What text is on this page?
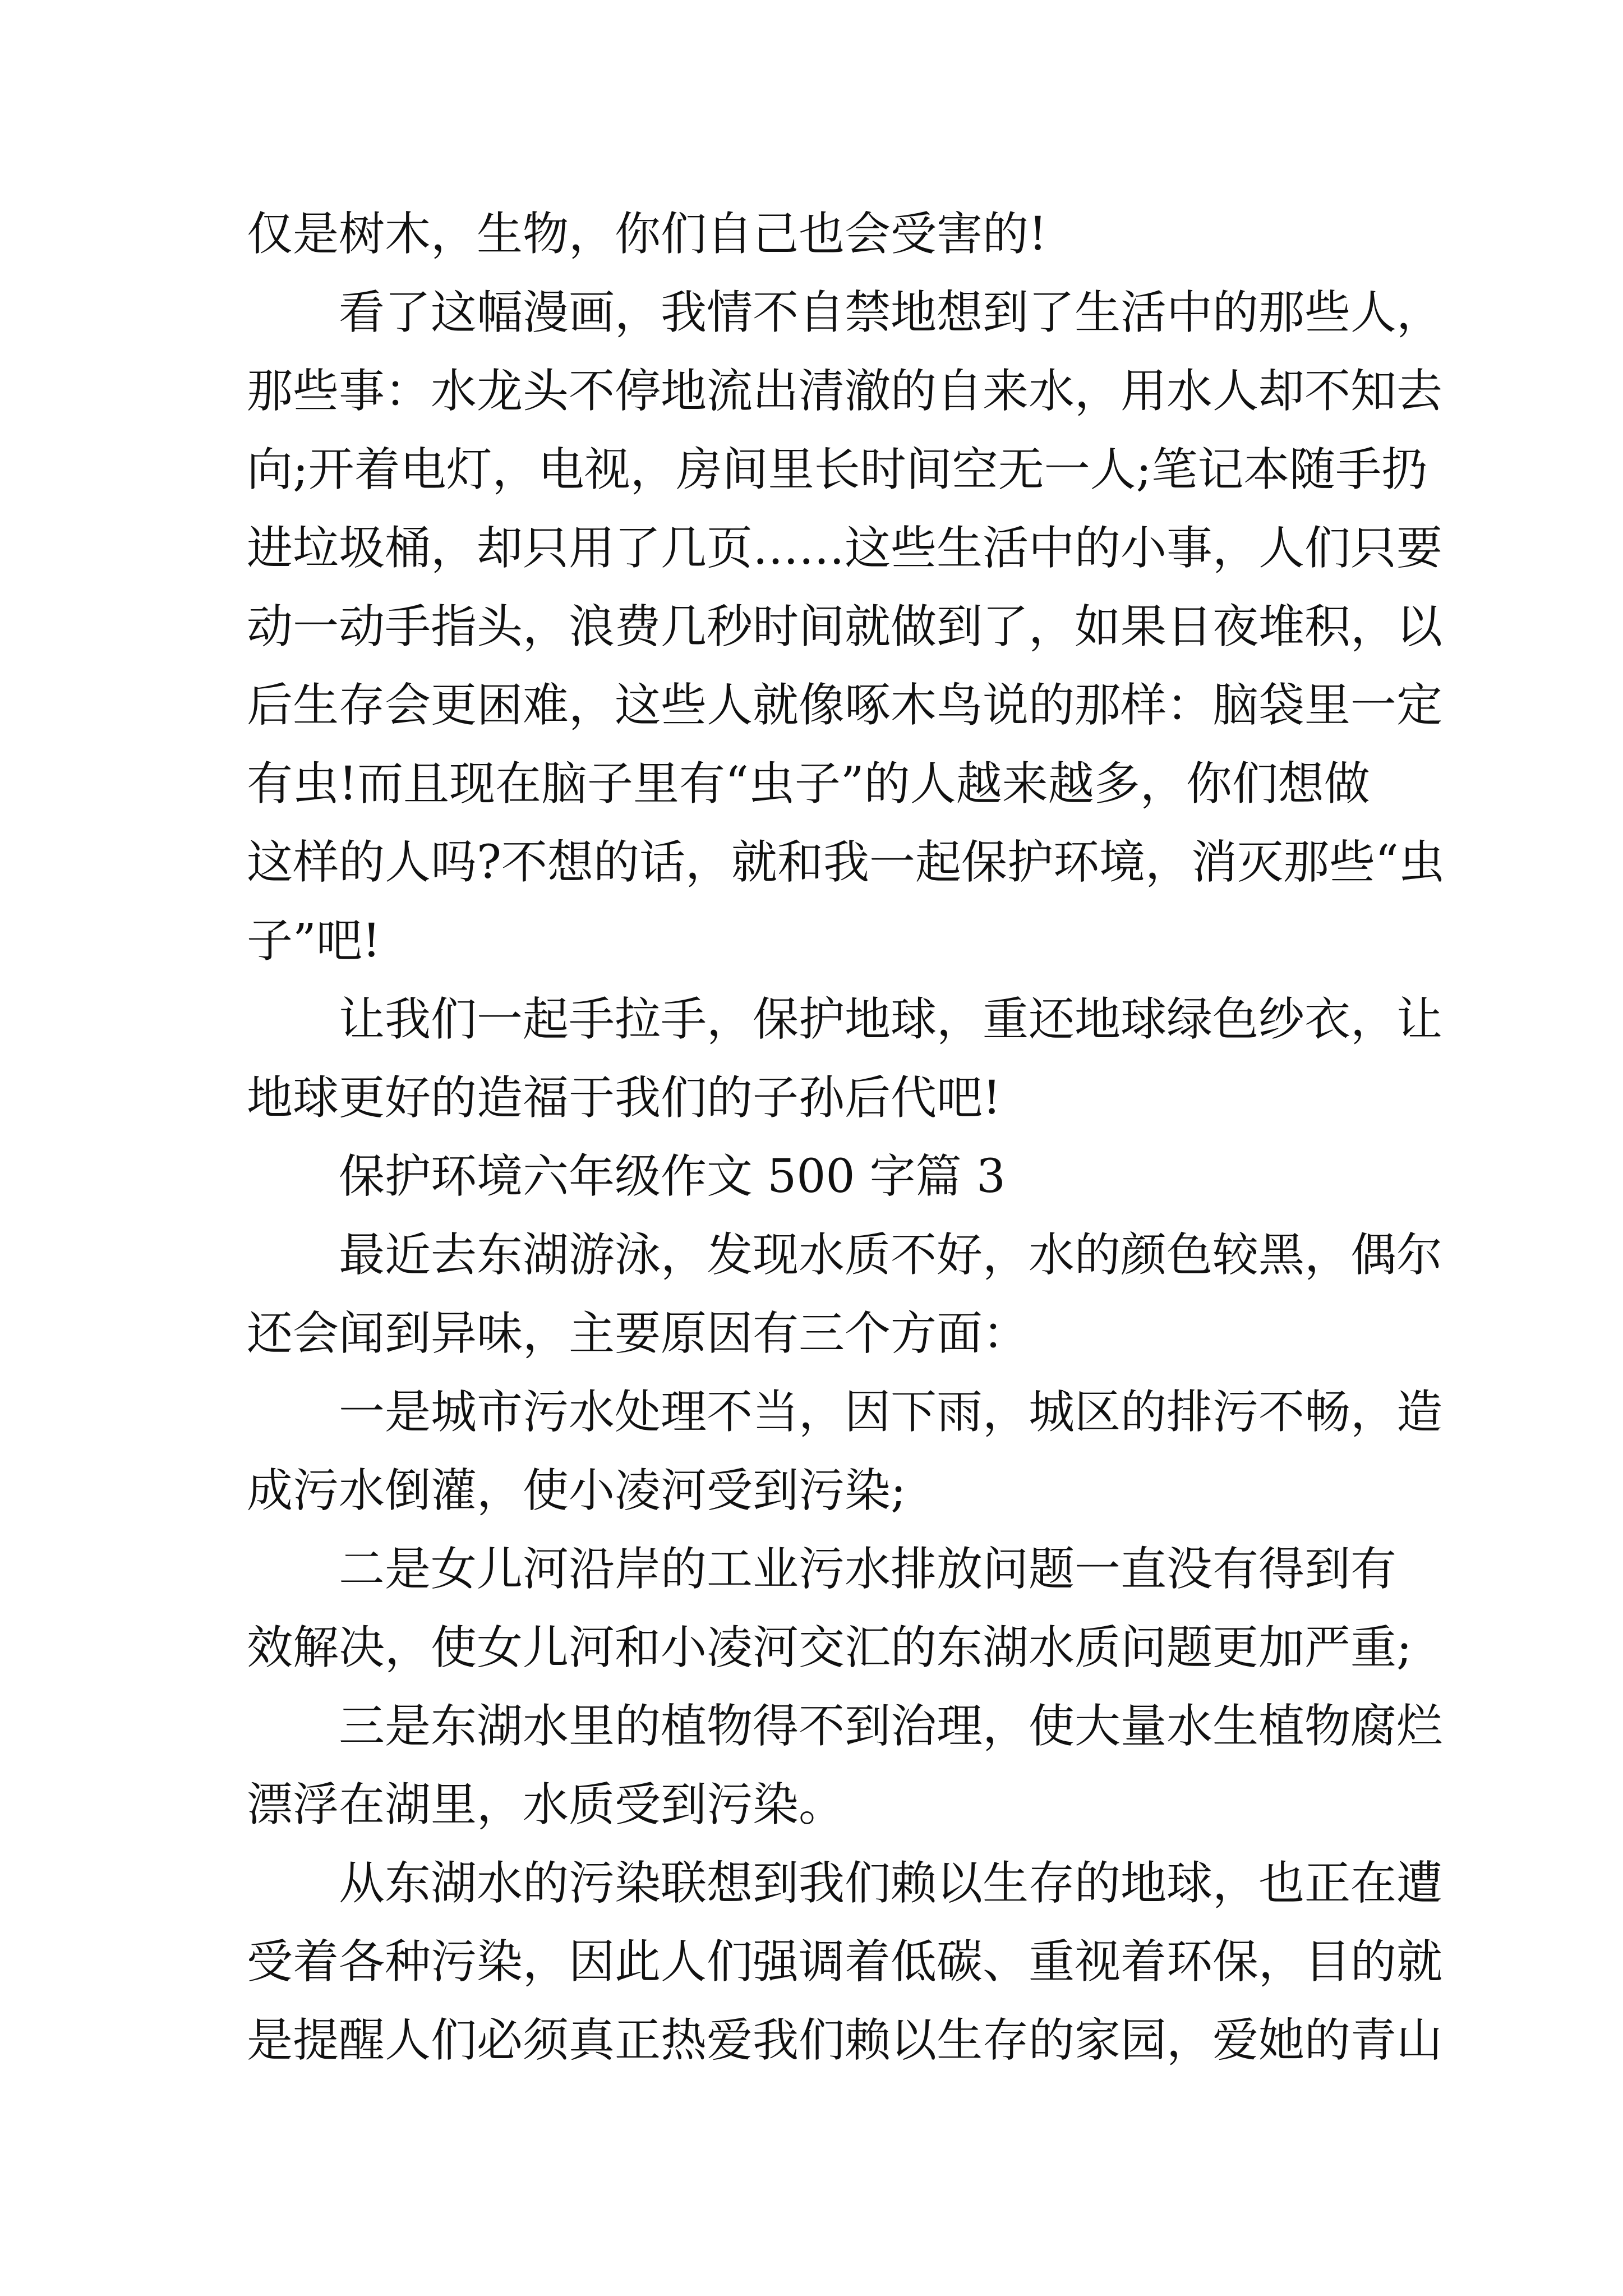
仅是树木，生物，你们自己也会受害的!
看了这幅漫画，我情不自禁地想到了生活中的那些人，
那些事：水龙头不停地流出清澈的自来水，用水人却不知去
向;开着电灯，电视，房间里长时间空无一人;笔记本随手扔
进垃圾桶，却只用了几页……这些生活中的小事，人们只要
动一动手指头，浪费几秒时间就做到了，如果日夜堆积，以
后生存会更困难，这些人就像啄木鸟说的那样：脑袋里一定
有虫!而且现在脑子里有“虫子”的人越来越多，你们想做
这样的人吗?不想的话，就和我一起保护环境，消灭那些“虫
子”吧!
让我们一起手拉手，保护地球，重还地球绿色纱衣，让
地球更好的造福于我们的子孙后代吧!
保护环境六年级作文 500 字篇 3
最近去东湖游泳，发现水质不好，水的颜色较黑，偶尔
还会闻到异味，主要原因有三个方面：
一是城市污水处理不当，因下雨，城区的排污不畅，造
成污水倒灌，使小凌河受到污染;
二是女儿河沿岸的工业污水排放问题一直没有得到有
效解决，使女儿河和小凌河交汇的东湖水质问题更加严重;
三是东湖水里的植物得不到治理，使大量水生植物腐烂
漂浮在湖里，水质受到污染。
从东湖水的污染联想到我们赖以生存的地球，也正在遭
受着各种污染，因此人们强调着低碳、重视着环保，目的就
是提醒人们必须真正热爱我们赖以生存的家园，爱她的青山
